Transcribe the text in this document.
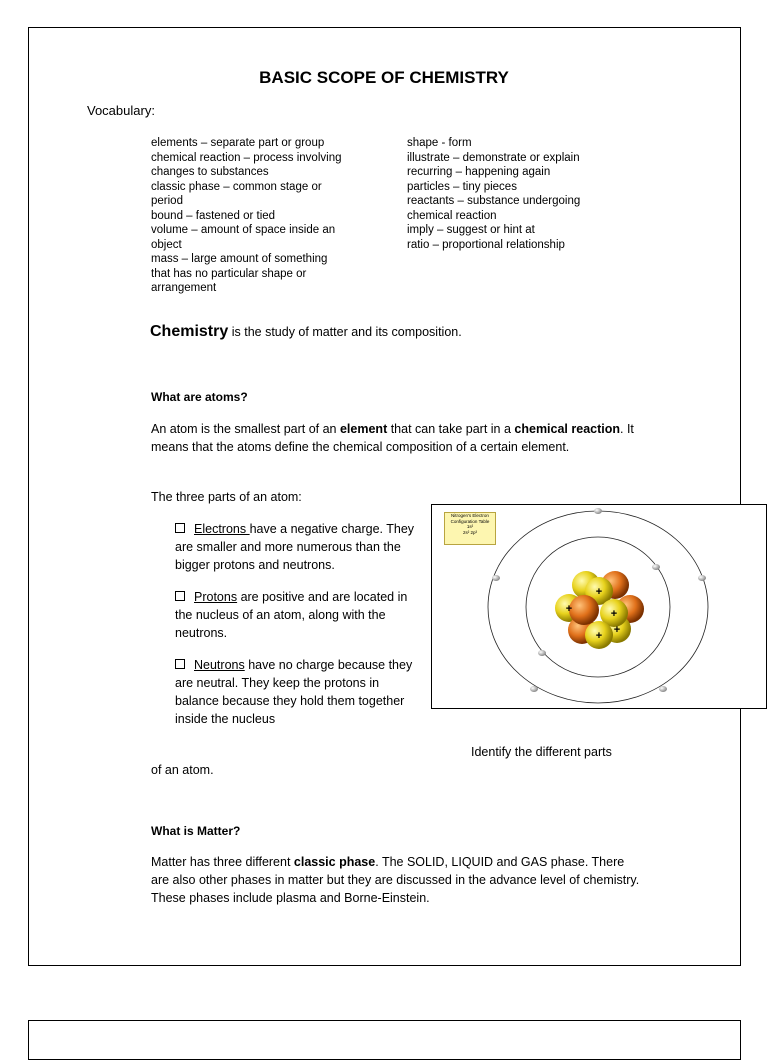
BASIC SCOPE OF CHEMISTRY
Vocabulary:
elements – separate part or group
chemical reaction – process involving
changes to substances
classic phase – common stage or
period
bound – fastened or tied
volume – amount of space inside an
object
mass – large amount of something
that has no particular shape or
arrangement
shape - form
illustrate – demonstrate or explain
recurring – happening again
particles – tiny pieces
reactants – substance undergoing
chemical reaction
imply – suggest or hint at
ratio – proportional relationship
Chemistry is the study of matter and its composition.
What are atoms?
An atom is the smallest part of an element that can take part in a chemical reaction. It means that the atoms define the chemical composition of a certain element.
The three parts of an atom:
Electrons have a negative charge. They are smaller and more numerous than the bigger protons and neutrons.
Protons are positive and are located in the nucleus of an atom, along with the neutrons.
Neutrons have no charge because they are neutral. They keep the protons in balance because they hold them together inside the nucleus
Nitrogen's Electron Configuration Table
1s²
2s² 2p³
+
+	+
+ +
Identify the different parts
of an atom.
What is Matter?
Matter has three different classic phase. The SOLID, LIQUID and GAS phase. There are also other phases in matter but they are discussed in the advance level of chemistry. These phases include plasma and Borne-Einstein.
